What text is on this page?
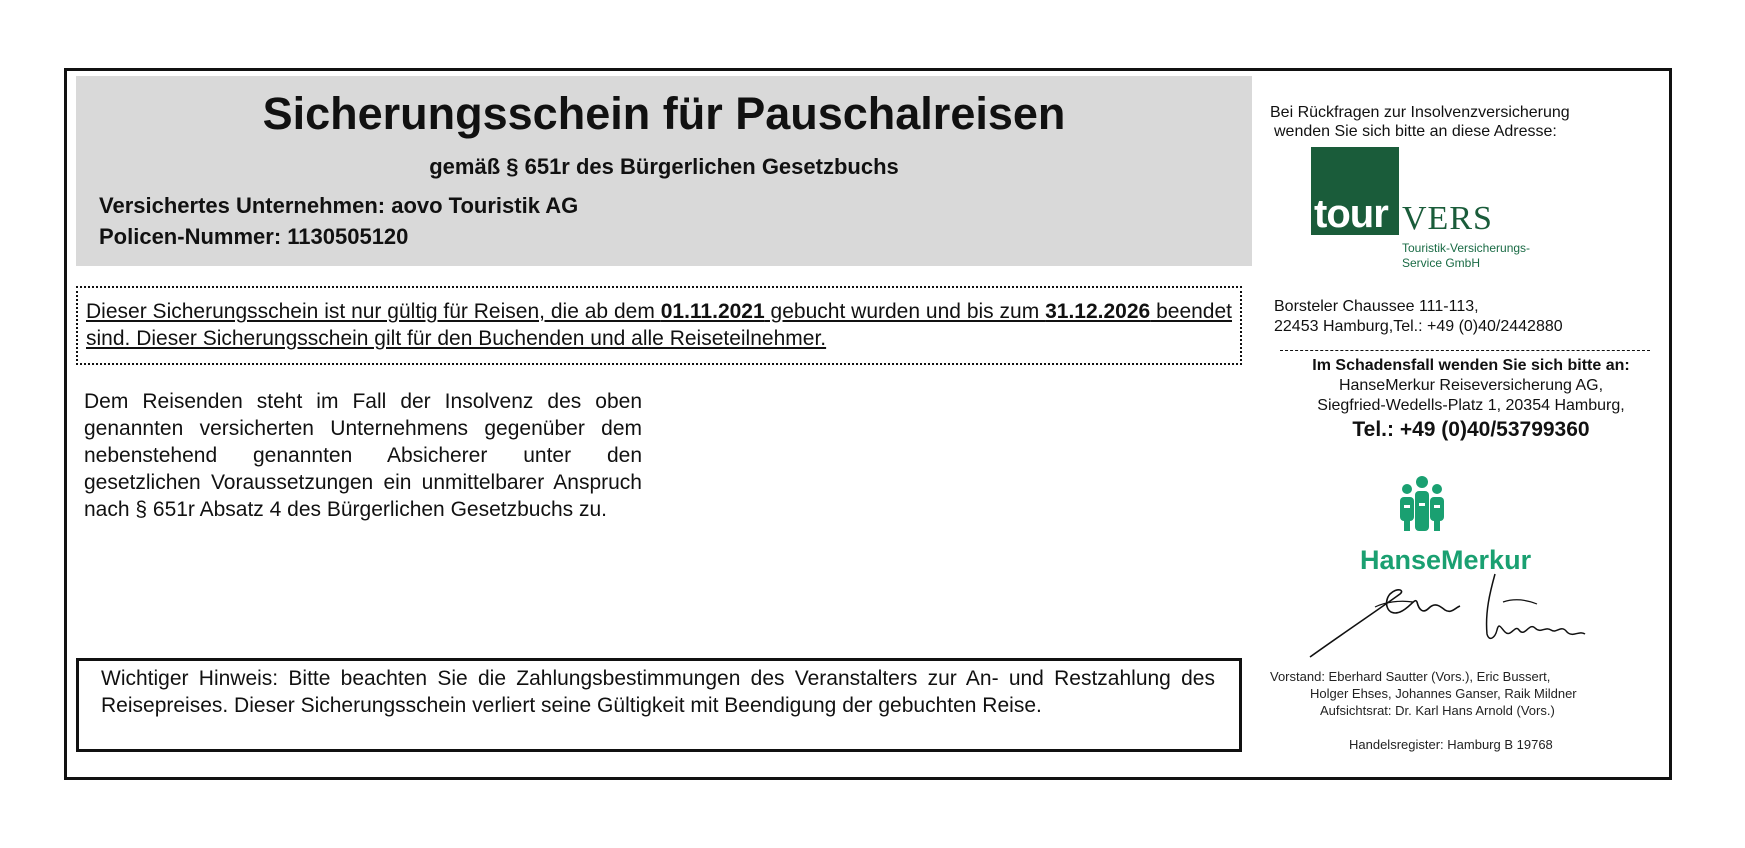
Sicherungsschein für Pauschalreisen
gemäß § 651r des Bürgerlichen Gesetzbuchs
Versichertes Unternehmen: aovo Touristik AG
Policen-Nummer: 1130505120
Dieser Sicherungsschein ist nur gültig für Reisen, die ab dem 01.11.2021 gebucht wurden und bis zum 31.12.2026 beendet sind. Dieser Sicherungsschein gilt für den Buchenden und alle Reiseteilnehmer.
Dem Reisenden steht im Fall der Insolvenz des oben genannten versicherten Unternehmens gegenüber dem nebenstehend genannten Absicherer unter den gesetzlichen Voraussetzungen ein unmittelbarer Anspruch nach § 651r Absatz 4 des Bürgerlichen Gesetzbuchs zu.
Wichtiger Hinweis: Bitte beachten Sie die Zahlungsbestimmungen des Veranstalters zur An- und Restzahlung des Reisepreises. Dieser Sicherungsschein verliert seine Gültigkeit mit Beendigung der gebuchten Reise.
Bei Rückfragen zur Insolvenzversicherung
wenden Sie sich bitte an diese Adresse:
tour VERS
Touristik-Versicherungs-
Service GmbH
Borsteler Chaussee 111-113,
22453 Hamburg,Tel.: +49 (0)40/2442880
Im Schadensfall wenden Sie sich bitte an:
HanseMerkur Reiseversicherung AG,
Siegfried-Wedells-Platz 1, 20354 Hamburg,
Tel.: +49 (0)40/53799360
HanseMerkur
Vorstand: Eberhard Sautter (Vors.), Eric Bussert,
Holger Ehses, Johannes Ganser, Raik Mildner
Aufsichtsrat: Dr. Karl Hans Arnold (Vors.)
Handelsregister: Hamburg B 19768
